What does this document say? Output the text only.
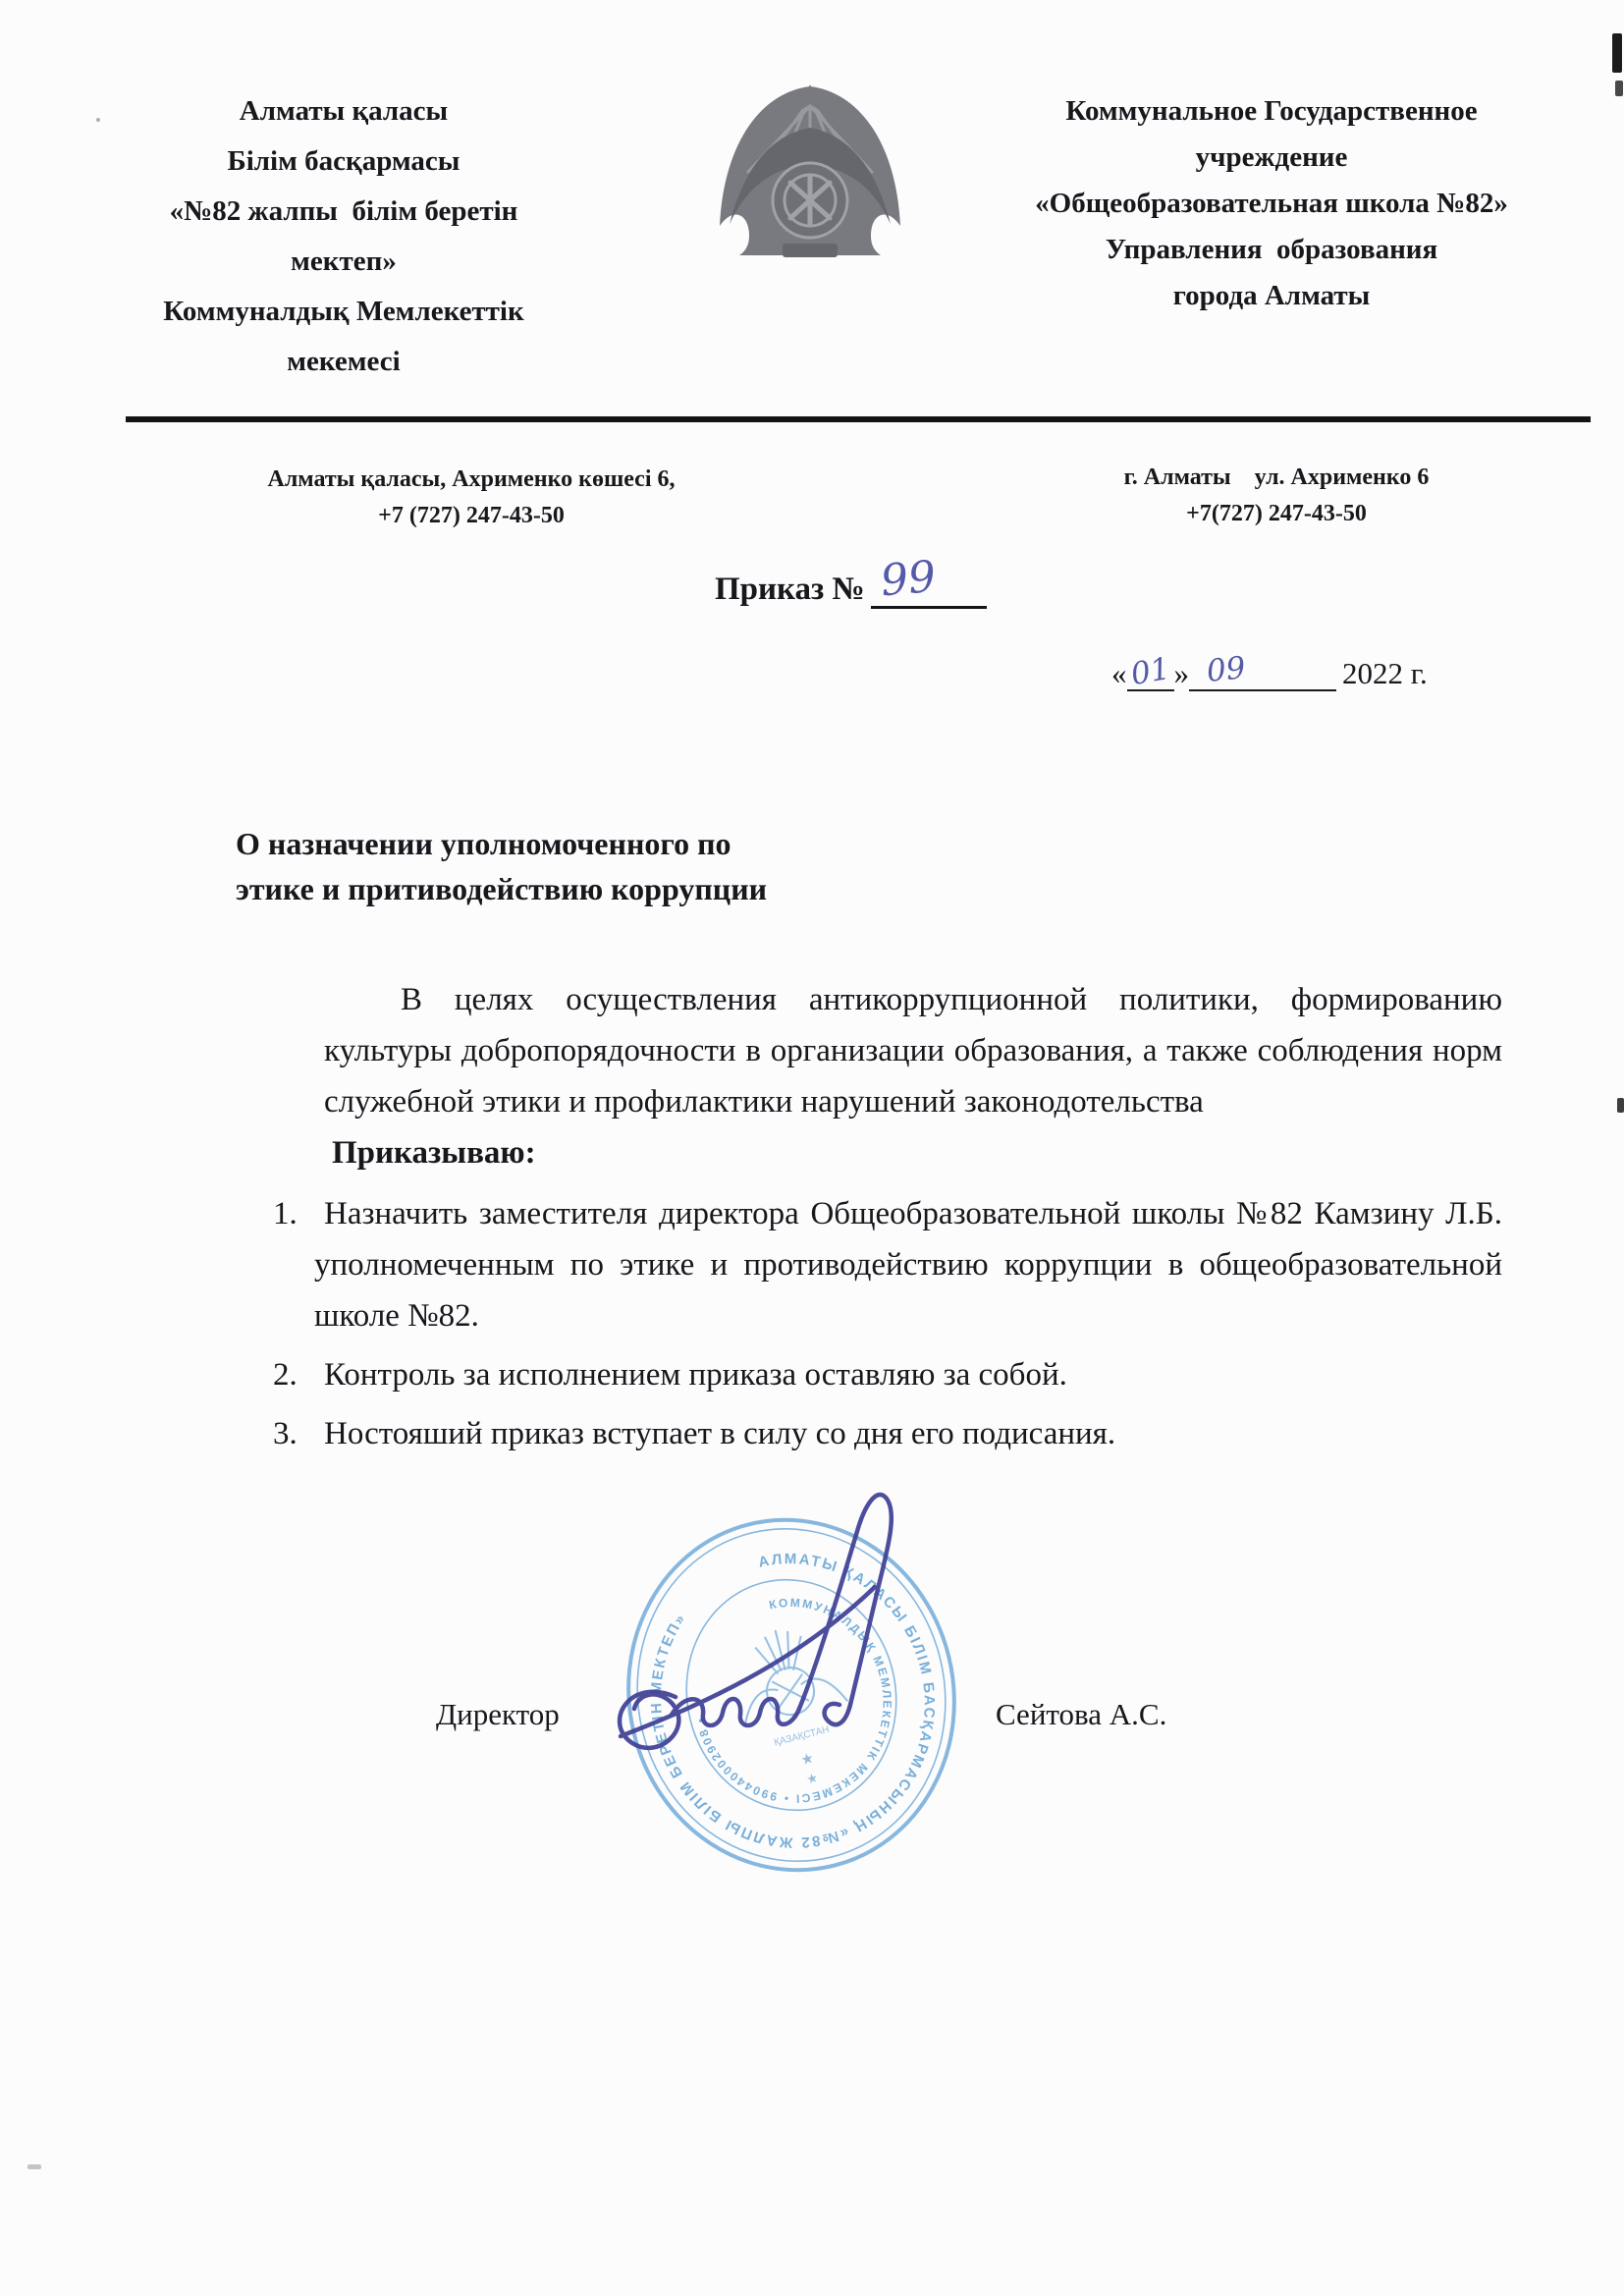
Алматы қаласы
Білім басқармасы
«№82 жалпы  білім беретін мектеп»
Коммуналдық Мемлекеттік
мекемесі
Коммунальное Государственное
учреждение
«Общеобразовательная школа №82»
Управления  образования
города Алматы
Алматы қаласы, Ахрименко көшесі 6,
+7 (727) 247-43-50
г. Алматы    ул. Ахрименко 6
+7(727) 247-43-50
Приказ № 99
« 01 » 09	2022 г.
О назначении уполномоченного по
этике и притиводействию коррупции
В целях осуществления антикоррупционной политики, формированию
культуры добропорядочности в организации образования, а также соблюдения норм
служебной этики и профилактики нарушений законодотельства
Приказываю:
1. Назначить заместителя директора Общеобразовательной школы №82 Камзину Л.Б.
уполномеченным по этике и противодействию коррупции в общеобразовательной
школе №82.
2. Контроль за исполнением приказа оставляю за собой.
3. Ностояший приказ вступает в силу со дня его подисания.
АЛМАТЫ ҚАЛАСЫ БІЛІМ БАСҚАРМАСЫНЫҢ «№82 ЖАЛПЫ БІЛІМ БЕРЕТІН МЕКТЕП»
КОММУНАЛДЫҚ МЕМЛЕКЕТТІК МЕКЕМЕСІ • 990440002908 •
ҚАЗАҚСТАН
★
★
Директор	Сейтова А.С.
